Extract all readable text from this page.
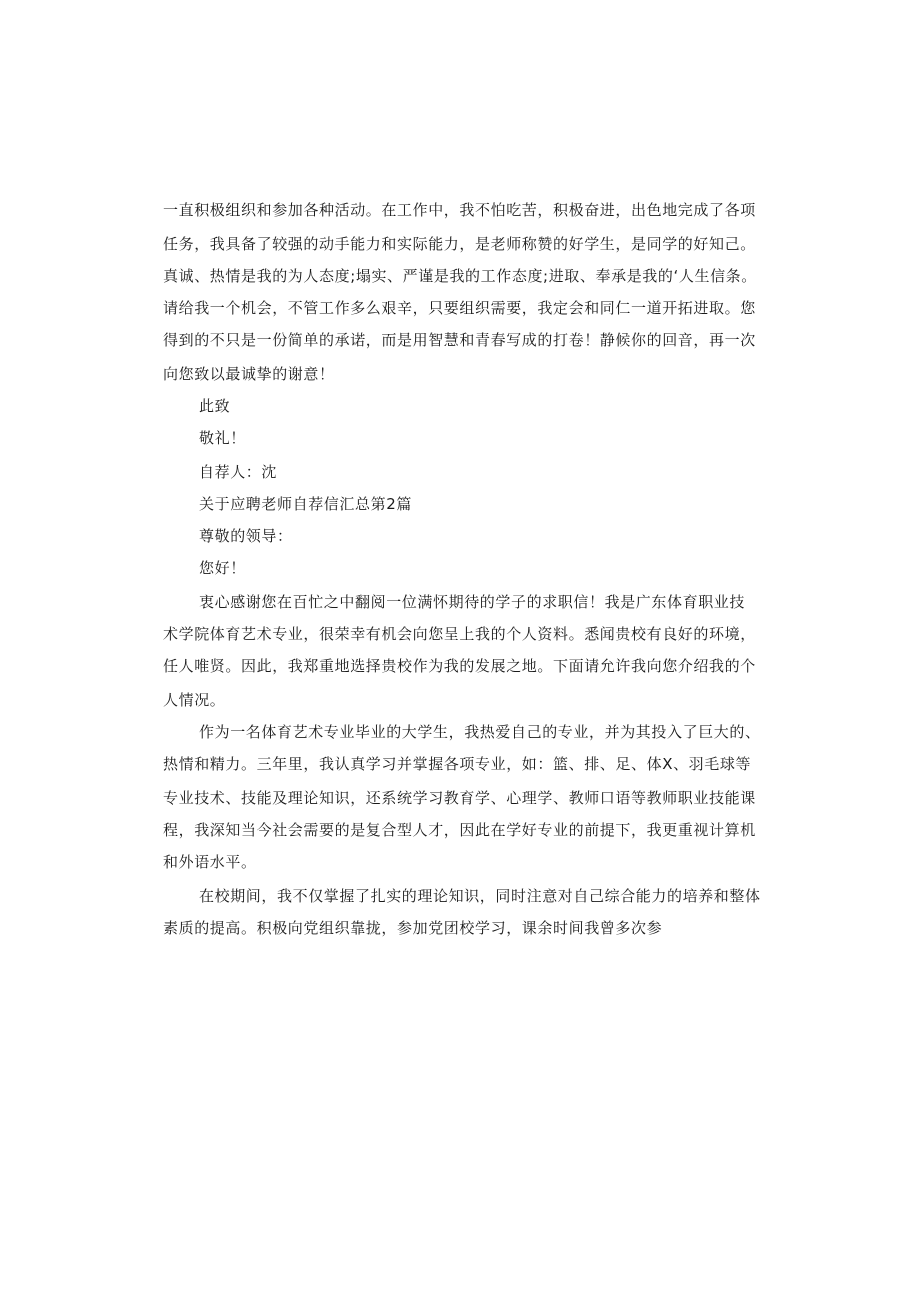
一直积极组织和参加各种活动。在工作中，我不怕吃苦，积极奋进，出色地完成了各项
任务，我具备了较强的动手能力和实际能力，是老师称赞的好学生，是同学的好知己。
真诚、热情是我的为人态度;塌实、严谨是我的工作态度;进取、奉承是我的‘人生信条。
请给我一个机会，不管工作多么艰辛，只要组织需要，我定会和同仁一道开拓进取。您
得到的不只是一份简单的承诺，而是用智慧和青春写成的打卷！静候你的回音，再一次
向您致以最诚挚的谢意！
此致
敬礼！
自荐人：沈
关于应聘老师自荐信汇总第2篇
尊敬的领导：
您好！
衷心感谢您在百忙之中翻阅一位满怀期待的学子的求职信！我是广东体育职业技
术学院体育艺术专业，很荣幸有机会向您呈上我的个人资料。悉闻贵校有良好的环境，
任人唯贤。因此，我郑重地选择贵校作为我的发展之地。下面请允许我向您介绍我的个
人情况。
作为一名体育艺术专业毕业的大学生，我热爱自己的专业，并为其投入了巨大的、
热情和精力。三年里，我认真学习并掌握各项专业，如：篮、排、足、体X、羽毛球等
专业技术、技能及理论知识，还系统学习教育学、心理学、教师口语等教师职业技能课
程，我深知当今社会需要的是复合型人才，因此在学好专业的前提下，我更重视计算机
和外语水平。
在校期间，我不仅掌握了扎实的理论知识，同时注意对自己综合能力的培养和整体
素质的提高。积极向党组织靠拢，参加党团校学习，课余时间我曾多次参
